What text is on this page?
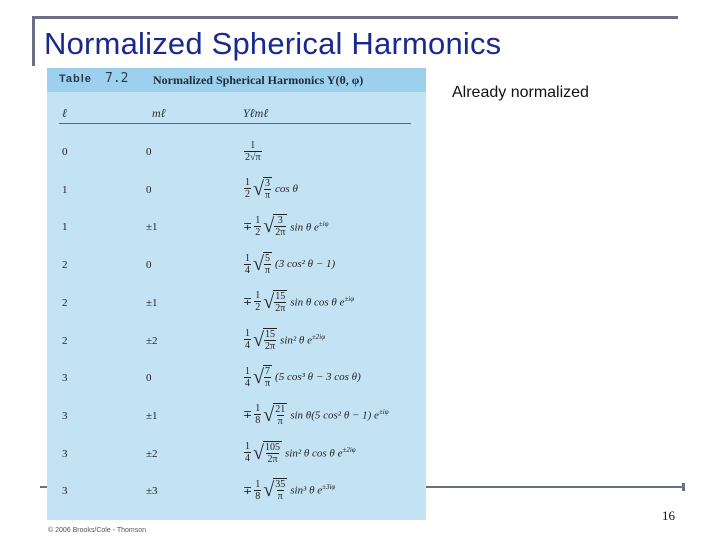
Normalized Spherical Harmonics
Table 7.2 Normalized Spherical Harmonics Y(θ, φ)
ℓ	mℓ	Yℓmℓ
0	0	$\frac{1}{2√\pi}$
1	0	$\frac{1}{2}$ √ $\frac{3}{\pi}$ cos θ
1	±1	∓ $\frac{1}{2}$ √ $\frac{3}{2\pi}$ sin θ $e^{\pm i\varphi}$
2	0	$\frac{1}{4}$ √ $\frac{5}{\pi} (3$ cos² θ − 1)
2	±1	∓ $\frac{1}{2}$ √ $\frac{15}{2\pi}$ sin θ cos θ $e^{\pm i\varphi}$
2	±2	$\frac{1}{4}$ √ $\frac{15}{2\pi} \sin^2$ θ $e^{\pm 2i\varphi}$
3	0	$\frac{1}{4}$ √ $\frac{7}{\pi} (5$ cos³ θ − 3 cos θ)
3	±1	∓ $\frac{1}{8}$ √ $\frac{21}{\pi}$ sin θ(5 cos² θ − 1) $e^{\pm i\varphi}$
3	±2	$\frac{1}{4}$ √ $\frac{105}{2\pi} \sin^2$ θ cos θ $e^{\pm 2i\varphi}$
3	±3	∓ $\frac{1}{8}$ √ $\frac{35}{\pi} \sin^3$ θ $e^{\pm 3i\varphi}$
Already normalized
16
© 2006 Brooks/Cole - Thomson
